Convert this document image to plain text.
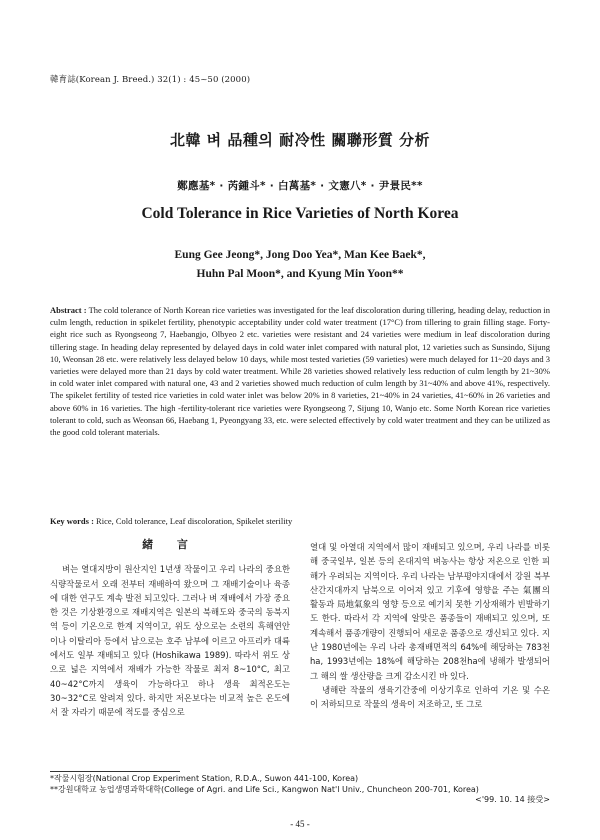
韓育誌(Korean J. Breed.) 32(1) : 45~50 (2000)
北韓 벼 品種의 耐冷性 關聯形質 分析
鄭應基* · 芮鍾斗* · 白萬基* · 文憲八* · 尹景民**
Cold Tolerance in Rice Varieties of North Korea
Eung Gee Jeong*, Jong Doo Yea*, Man Kee Baek*,
Huhn Pal Moon*, and Kyung Min Yoon**

Abstract : The cold tolerance of North Korean rice varieties was investigated for the leaf discoloration during tillering, heading delay, reduction in culm length, reduction in spikelet fertility, phenotypic acceptability under cold water treatment (17°C) from tillering to grain filling stage. Forty-eight rice such as Ryongseong 7, Haebangjo, Olbyeo 2 etc. varieties were resistant and 24 varieties were medium in leaf discoloration during tillering stage. In heading delay represented by delayed days in cold water inlet compared with natural plot, 12 varieties such as Sunsindo, Sijung 10, Weonsan 28 etc. were relatively less delayed below 10 days, while most tested varieties (59 varieties) were much delayed for 11~20 days and 3 varieties were delayed more than 21 days by cold water treatment. While 28 varieties showed relatively less reduction of culm length by 21~30% in cold water inlet compared with natural one, 43 and 2 varieties showed much reduction of culm length by 31~40% and above 41%, respectively. The spikelet fertility of tested rice varieties in cold water inlet was below 20% in 8 varieties, 21~40% in 24 varieties, 41~60% in 26 varieties and above 60% in 16 varieties. The high -fertility-tolerant rice varieties were Ryongseong 7, Sijung 10, Wanjo etc. Some North Korean rice varieties tolerant to cold, such as Weonsan 66, Haebang 1, Pyeongyang 33, etc. were selected effectively by cold water treatment and they can be utilized as the good cold tolerant materials.

Key words : Rice, Cold tolerance, Leaf discoloration, Spikelet sterility

緒 言

벼는 열대지방이 원산지인 1년생 작물이고 우리 나라의 중요한 식량작물로서 오래 전부터 재배하여 왔으며 그 재배기술이나 육종에 대한 연구도 계속 발전 되고있다. 그러나 벼 재배에서 가장 중요한 것은 기상환경으로 재배지역은 일본의 북해도와 중국의 동북지역 등이 기온으로 한계 지역이고, 위도 상으로는 소련의 흑해연안이나 이탈리아 등에서 남으로는 호주 남부에 이르고 아프리카 대륙에서도 일부 재배되고 있다 (Hoshikawa 1989). 따라서 위도 상으로 넓은 지역에서 재배가 가능한 작물로 최저 8~10°C, 최고 40~42°C까지 생육이 가능하다고 하나 생육 최적온도는 30~32°C로 알려져 있다. 하지만 저온보다는 비교적 높은 온도에서 잘 자라기 때문에 적도를 중심으로

열대 및 아열대 지역에서 많이 재배되고 있으며, 우리 나라를 비롯해 중국일부, 일본 등의 온대지역 벼농사는 항상 저온으로 인한 피해가 우려되는 지역이다. 우리 나라는 남부평야지대에서 강원 북부 산간지대까지 남북으로 이어져 있고 기후에 영향을 주는 氣團의 활동과 局地氣象의 영향 등으로 예기치 못한 기상재해가 빈발하기도 한다. 따라서 각 지역에 알맞은 품종들이 재배되고 있으며, 또 계속해서 품종개량이 진행되어 새로운 품종으로 갱신되고 있다. 지난 1980년에는 우리 나라 총재배면적의 64%에 해당하는 783천ha, 1993년에는 18%에 해당하는 208천ha에 냉해가 발생되어 그 해의 쌀 생산량을 크게 감소시킨 바 있다.

냉해란 작물의 생육기간중에 이상기후로 인하여 기온 및 수온이 저하되므로 작물의 생육이 저조하고, 또 그로

*작물시험장(National Crop Experiment Station, R.D.A., Suwon 441-100, Korea)
**강원대학교 농업생명과학대학(College of Agri. and Life Sci., Kangwon Nat'l Univ., Chuncheon 200-701, Korea)
<'99. 10. 14 接受>
- 45 -
